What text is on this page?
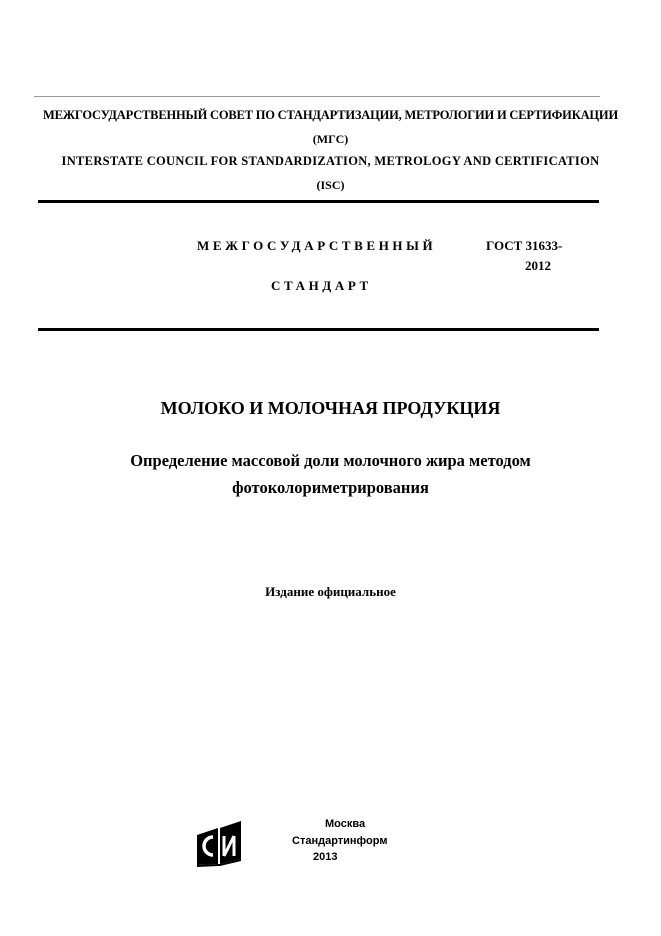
МЕЖГОСУДАРСТВЕННЫЙ СОВЕТ ПО СТАНДАРТИЗАЦИИ, МЕТРОЛОГИИ И СЕРТИФИКАЦИИ
(МГС)
INTERSTATE COUNCIL FOR STANDARDIZATION, METROLOGY AND CERTIFICATION
(ISC)
МЕЖГОСУДАРСТВЕННЫЙ	ГОСТ 31633-
2012
СТАНДАРТ
МОЛОКО И МОЛОЧНАЯ ПРОДУКЦИЯ
Определение массовой доли молочного жира методом
фотоколориметрирования
Издание официальное
Москва
Стандартинформ
2013
